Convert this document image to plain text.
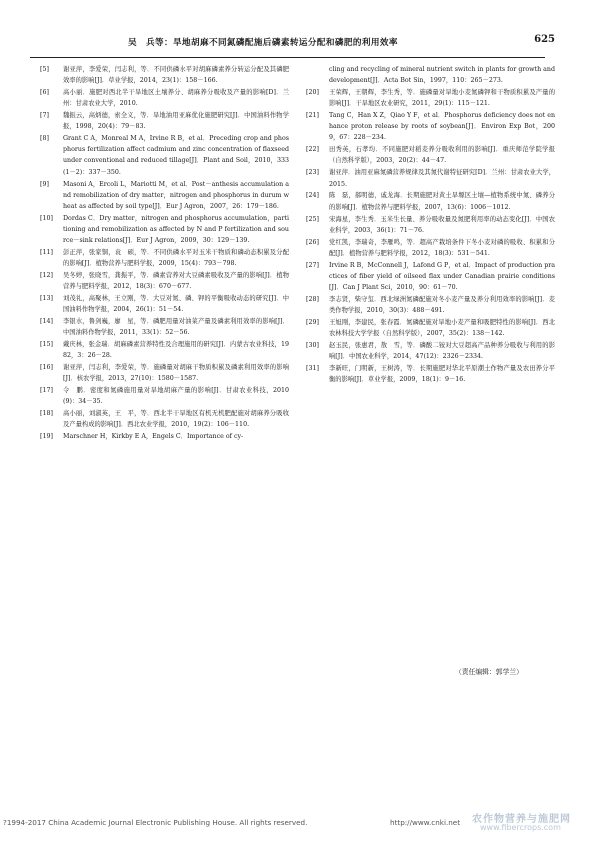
吴　兵等：旱地胡麻不同氮磷配施后磷素转运分配和磷肥的利用效率	625
[5] 谢亚萍，李爱荣，闫志利，等．不同供磷水平对胡麻磷素养分转运分配及其磷肥效率的影响[J]．草业学报，2014，23(1)：158－166.
[6] 高小丽．施肥对西北半干旱地区土壤养分、胡麻养分吸收及产量的影响[D]．兰州：甘肃农业大学，2010.
[7] 魏振云，高炳德，索全义，等．旱地油用亚麻优化施肥研究[J]．中国油料作物学报，1998，20(4)：79－83.
[8] Grant C A，Monreal M A，Irvine R B，et al．Preceding crop and phosphorus fertilization affect cadmium and zinc concentration of flaxseed under conventional and reduced tillage[J]．Plant and Soil，2010，333(1－2)：337－350.
[9] Masoni A，Ercoli L，Mariotti M，et al．Post－anthesis accumulation and remobilization of dry matter，nitrogen and phosphorus in durum wheat as affected by soil type[J]．Eur J Agron，2007，26：179－186.
[10] Dordas C．Dry matter，nitrogen and phosphorus accumulation，partitioning and remobilization as affected by N and P fertilization and source－sink relations[J]．Eur J Agron，2009，30：129－139.
[11] 彭正萍，张家铜，袁　硕，等．不同供磷水平对玉米干物质和磷动态积累及分配的影响[J]．植物营养与肥料学报，2009，15(4)：793－798.
[12] 吴冬婷，张晓雪，龚振平，等．磷素营养对大豆磷素吸收及产量的影响[J]．植物营养与肥料学报，2012，18(3)：670－677.
[13] 刘茂礼，高聚林，王立刚，等．大豆对氮、磷、钾的平衡吸收动态的研究[J]．中国油料作物学报，2004，26(1)：51－54.
[14] 李银水，鲁剑巍，廖　星，等．磷肥用量对油菜产量及磷素利用效率的影响[J]．中国油料作物学报，2011，33(1)：52－56.
[15] 戴庆林，张金瑞．胡麻磷素营养特性及合理施用的研究[J]．内蒙古农业科技，1982，3：26－28.
[16] 谢亚萍，闫志利，李爱荣，等．施磷量对胡麻干物质积累及磷素利用效率的影响[J]．核农学报，2013，27(10)：1580－1587.
[17] 令　鹏．密度和氮磷施用量对旱地胡麻产量的影响[J]．甘肃农业科技，2010(9)：34－35.
[18] 高小丽，刘淑英，王　平，等．西北半干旱地区有机无机肥配施对胡麻养分吸收及产量构成的影响[J]．西北农业学报，2010，19(2)：106－110.
[19] Marschner H，Kirkby E A，Engels C．Importance of cy-
cling and recycling of mineral nutrient switch in plants for growth and development[J]．Acta Bot Sin，1997，110：265－273.
[20] 王荣辉，王朝辉，李生秀，等．施磷量对旱地小麦氮磷钾和干物质积累及产量的影响[J]．干旱地区农业研究，2011，29(1)：115－121.
[21] Tang C，Han X Z，Qiao Y F，et al．Phosphorus deficiency does not enhance proton release by roots of soybean[J]．Environ Exp Bot，2009，67：228－234.
[22] 田秀英，石孝均．不同施肥对稻麦养分吸收利用的影响[J]．重庆师范学院学报（自然科学版），2003，20(2)：44－47.
[23] 谢亚萍．油用亚麻氮磷营养规律及其氮代谢特征研究[D]．兰州：甘肃农业大学，2015.
[24] 陈　磊，郝明德，戚龙海．长期施肥对黄土旱塬区土壤—植物系统中氮、磷养分的影响[J]．植物营养与肥料学报，2007，13(6)：1006－1012.
[25] 宋海星，李生秀．玉米生长量、养分吸收量及氮肥利用率的动态变化[J]．中国农业科学，2003，36(1)：71－76.
[26] 党红凯，李瑞奇，李雁鸣，等．超高产栽培条件下冬小麦对磷的吸收、积累和分配[J]．植物营养与肥料学报，2012，18(3)：531－541.
[27] Irvine R B，McConnell J，Lafond G P，et al．Impact of production practices of fiber yield of oilseed flax under Canadian prairie conditions[J]．Can J Plant Sci，2010，90：61－70.
[28] 李志贤，柴守玺．西北绿洲氮磷配施对冬小麦产量及养分利用效率的影响[J]．麦类作物学报，2010，30(3)：488－491.
[29] 王旭刚，李建民，张春霞．氮磷配施对旱地小麦产量和吸肥特性的影响[J]．西北农林科技大学学报（自然科学版），2007，35(2)：138－142.
[30] 赵玉民，张惠君，敖　雪，等．磷酸二铵对大豆超高产品种养分吸收与利用的影响[J]．中国农业科学，2014，47(12)：2326－2334.
[31] 李新旺，门明新，王树涛，等．长期施肥对华北平原潮土作物产量及农田养分平衡的影响[J]．草业学报，2009，18(1)：9－16.
（责任编辑：郭学兰）
农作物营养与施肥网
www.fibercrops.com
?1994-2017 China Academic Journal Electronic Publishing House. All rights reserved.	http://www.cnki.net
